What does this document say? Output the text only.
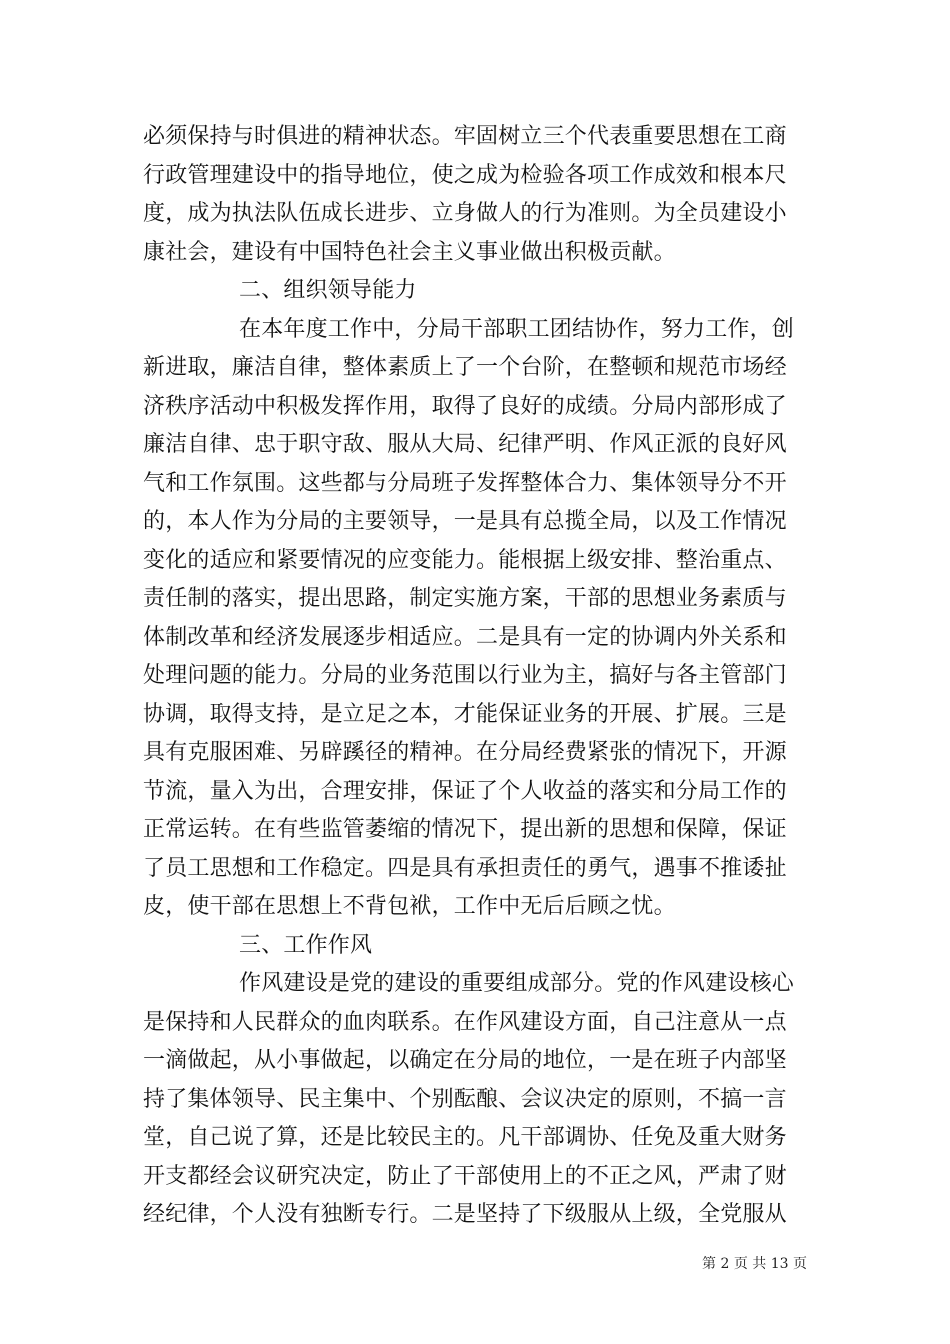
必须保持与时俱进的精神状态。牢固树立三个代表重要思想在工商
行政管理建设中的指导地位，使之成为检验各项工作成效和根本尺
度，成为执法队伍成长进步、立身做人的行为准则。为全员建设小
康社会，建设有中国特色社会主义事业做出积极贡献。
二、组织领导能力
在本年度工作中，分局干部职工团结协作，努力工作，创
新进取，廉洁自律，整体素质上了一个台阶，在整顿和规范市场经
济秩序活动中积极发挥作用，取得了良好的成绩。分局内部形成了
廉洁自律、忠于职守敌、服从大局、纪律严明、作风正派的良好风
气和工作氛围。这些都与分局班子发挥整体合力、集体领导分不开
的，本人作为分局的主要领导，一是具有总揽全局，以及工作情况
变化的适应和紧要情况的应变能力。能根据上级安排、整治重点、
责任制的落实，提出思路，制定实施方案，干部的思想业务素质与
体制改革和经济发展逐步相适应。二是具有一定的协调内外关系和
处理问题的能力。分局的业务范围以行业为主，搞好与各主管部门
协调，取得支持，是立足之本，才能保证业务的开展、扩展。三是
具有克服困难、另辟蹊径的精神。在分局经费紧张的情况下，开源
节流，量入为出，合理安排，保证了个人收益的落实和分局工作的
正常运转。在有些监管萎缩的情况下，提出新的思想和保障，保证
了员工思想和工作稳定。四是具有承担责任的勇气，遇事不推诿扯
皮，使干部在思想上不背包袱，工作中无后后顾之忧。
三、工作作风
作风建设是党的建设的重要组成部分。党的作风建设核心
是保持和人民群众的血肉联系。在作风建设方面，自己注意从一点
一滴做起，从小事做起，以确定在分局的地位，一是在班子内部坚
持了集体领导、民主集中、个别酝酿、会议决定的原则，不搞一言
堂，自己说了算，还是比较民主的。凡干部调协、任免及重大财务
开支都经会议研究决定，防止了干部使用上的不正之风，严肃了财
经纪律，个人没有独断专行。二是坚持了下级服从上级，全党服从
第 2 页 共 13 页
